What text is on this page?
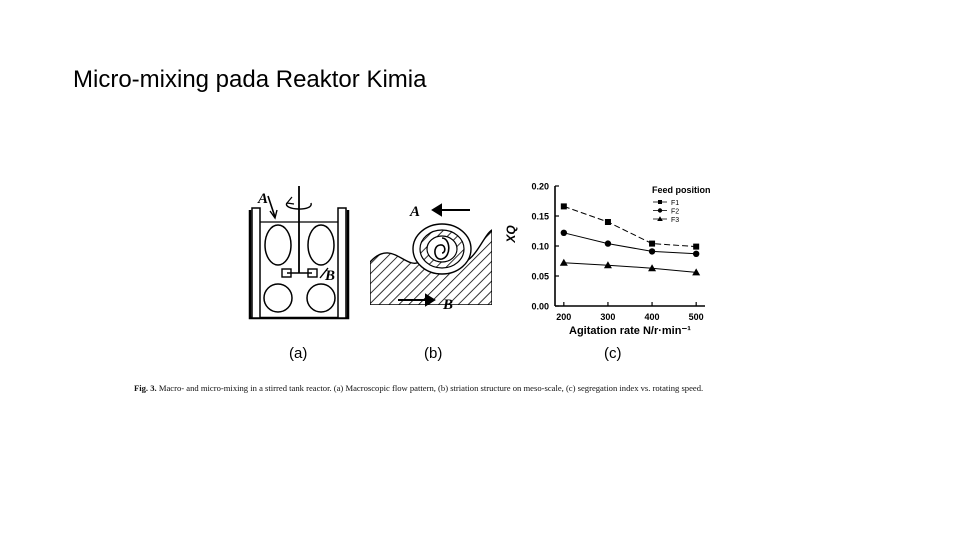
Micro-mixing pada Reaktor Kimia
A
B
A
B	0.00
0.05
0.10
0.15
0.20
200	300	400	500
Agitation rate N/r·min⁻¹
XQ
Feed position
F1
F2
F3
(a)	(b)	(c)
Fig. 3. Macro- and micro-mixing in a stirred tank reactor. (a) Macroscopic flow pattern, (b) striation structure on meso-scale, (c) segregation index vs. rotating speed.
